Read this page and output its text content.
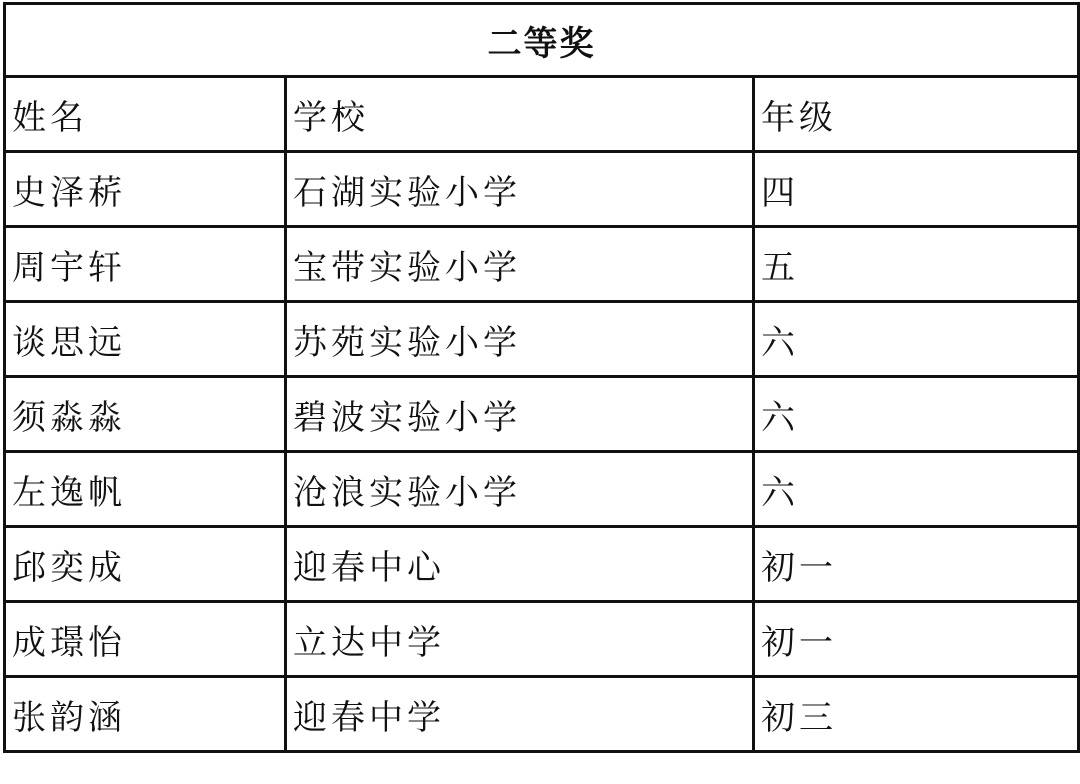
二等奖		
姓名	学校	年级
史泽菥	石湖实验小学	四
周宇轩	宝带实验小学	五
谈思远	苏苑实验小学	六
须淼淼	碧波实验小学	六
左逸帆	沧浪实验小学	六
邱奕成	迎春中心	初一
成璟怡	立达中学	初一
张韵涵	迎春中学	初三
